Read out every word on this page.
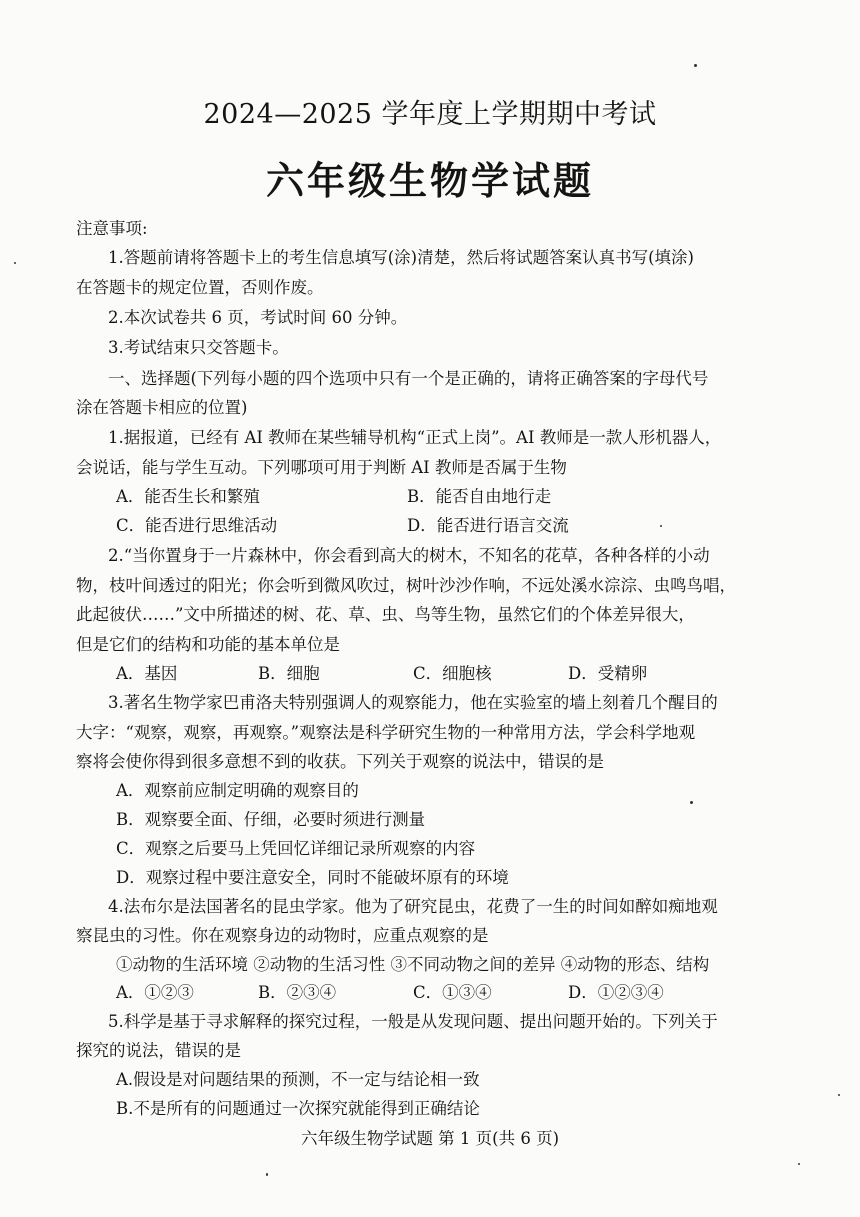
2024—2025 学年度上学期期中考试
六年级生物学试题
注意事项:
1.答题前请将答题卡上的考生信息填写(涂)清楚，然后将试题答案认真书写(填涂)
在答题卡的规定位置，否则作废。
2.本次试卷共 6 页，考试时间 60 分钟。
3.考试结束只交答题卡。
一、选择题(下列每小题的四个选项中只有一个是正确的，请将正确答案的字母代号
涂在答题卡相应的位置)
1.据报道，已经有 AI 教师在某些辅导机构“正式上岗”。AI 教师是一款人形机器人，
会说话，能与学生互动。下列哪项可用于判断 AI 教师是否属于生物
A．能否生长和繁殖	B．能否自由地行走
C．能否进行思维活动	D．能否进行语言交流
2.“当你置身于一片森林中，你会看到高大的树木，不知名的花草，各种各样的小动
物，枝叶间透过的阳光；你会听到微风吹过，树叶沙沙作响，不远处溪水淙淙、虫鸣鸟唱，
此起彼伏……”文中所描述的树、花、草、虫、鸟等生物，虽然它们的个体差异很大，
但是它们的结构和功能的基本单位是
A．基因	B．细胞	C．细胞核	D．受精卵
3.著名生物学家巴甫洛夫特别强调人的观察能力，他在实验室的墙上刻着几个醒目的
大字：“观察，观察，再观察。”观察法是科学研究生物的一种常用方法，学会科学地观
察将会使你得到很多意想不到的收获。下列关于观察的说法中，错误的是
A．观察前应制定明确的观察目的
B．观察要全面、仔细，必要时须进行测量
C．观察之后要马上凭回忆详细记录所观察的内容
D．观察过程中要注意安全，同时不能破坏原有的环境
4.法布尔是法国著名的昆虫学家。他为了研究昆虫，花费了一生的时间如醉如痴地观
察昆虫的习性。你在观察身边的动物时，应重点观察的是
①动物的生活环境 ②动物的生活习性 ③不同动物之间的差异 ④动物的形态、结构
A．①②③	B．②③④	C．①③④	D．①②③④
5.科学是基于寻求解释的探究过程，一般是从发现问题、提出问题开始的。下列关于
探究的说法，错误的是
A.假设是对问题结果的预测，不一定与结论相一致
B.不是所有的问题通过一次探究就能得到正确结论
六年级生物学试题 第 1 页(共 6 页)
